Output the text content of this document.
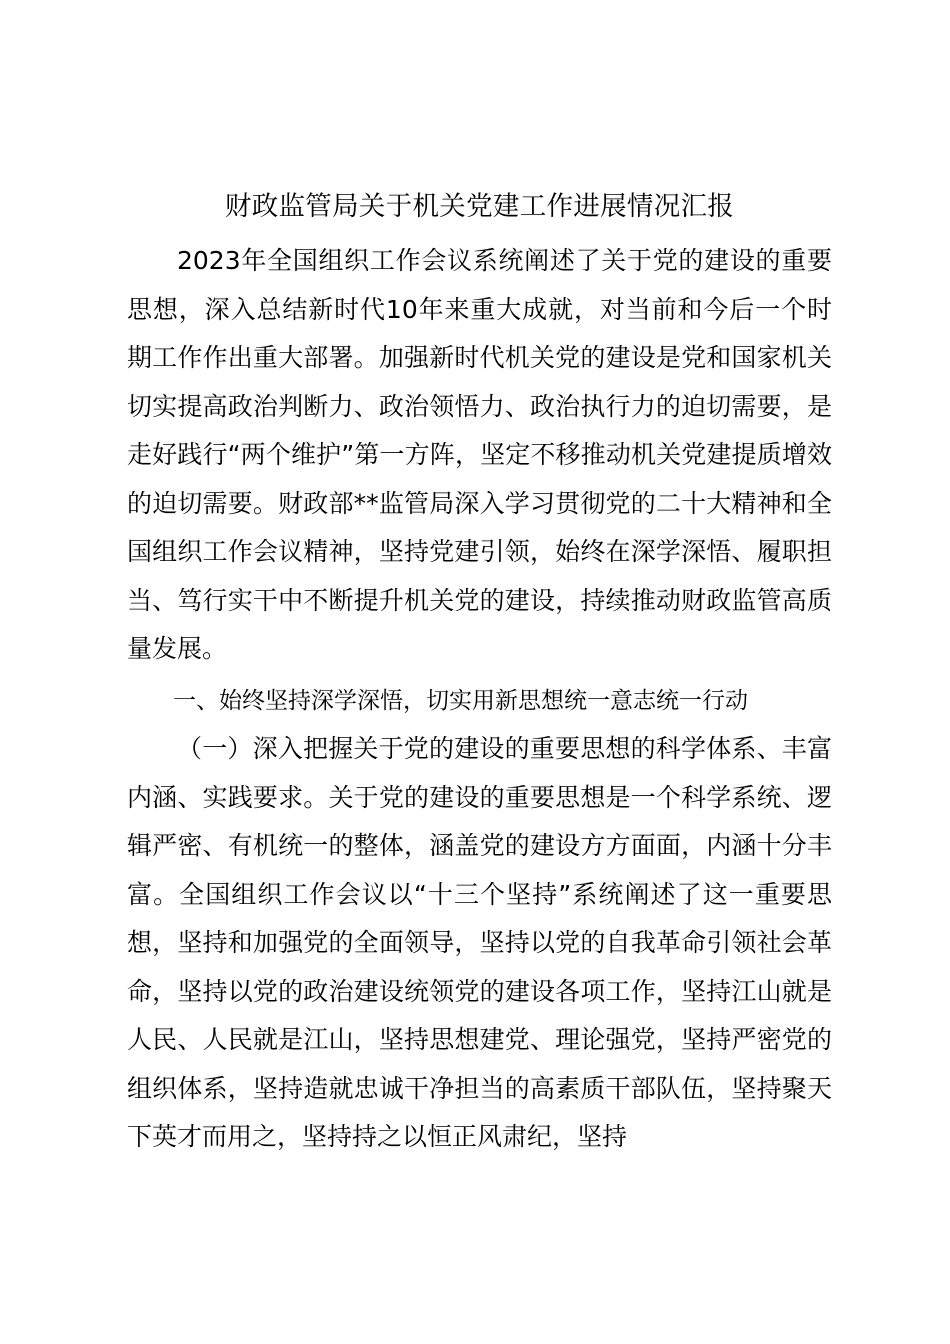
财政监管局关于机关党建工作进展情况汇报

2023年全国组织工作会议系统阐述了关于党的建设的重要思想，深入总结新时代10年来重大成就，对当前和今后一个时期工作作出重大部署。加强新时代机关党的建设是党和国家机关切实提高政治判断力、政治领悟力、政治执行力的迫切需要，是走好践行“两个维护”第一方阵，坚定不移推动机关党建提质增效的迫切需要。财政部**监管局深入学习贯彻党的二十大精神和全国组织工作会议精神，坚持党建引领，始终在深学深悟、履职担当、笃行实干中不断提升机关党的建设，持续推动财政监管高质量发展。

一、始终坚持深学深悟，切实用新思想统一意志统一行动

（一）深入把握关于党的建设的重要思想的科学体系、丰富内涵、实践要求。关于党的建设的重要思想是一个科学系统、逻辑严密、有机统一的整体，涵盖党的建设方方面面，内涵十分丰富。全国组织工作会议以“十三个坚持”系统阐述了这一重要思想，坚持和加强党的全面领导，坚持以党的自我革命引领社会革命，坚持以党的政治建设统领党的建设各项工作，坚持江山就是人民、人民就是江山，坚持思想建党、理论强党，坚持严密党的组织体系，坚持造就忠诚干净担当的高素质干部队伍，坚持聚天下英才而用之，坚持持之以恒正风肃纪，坚持
